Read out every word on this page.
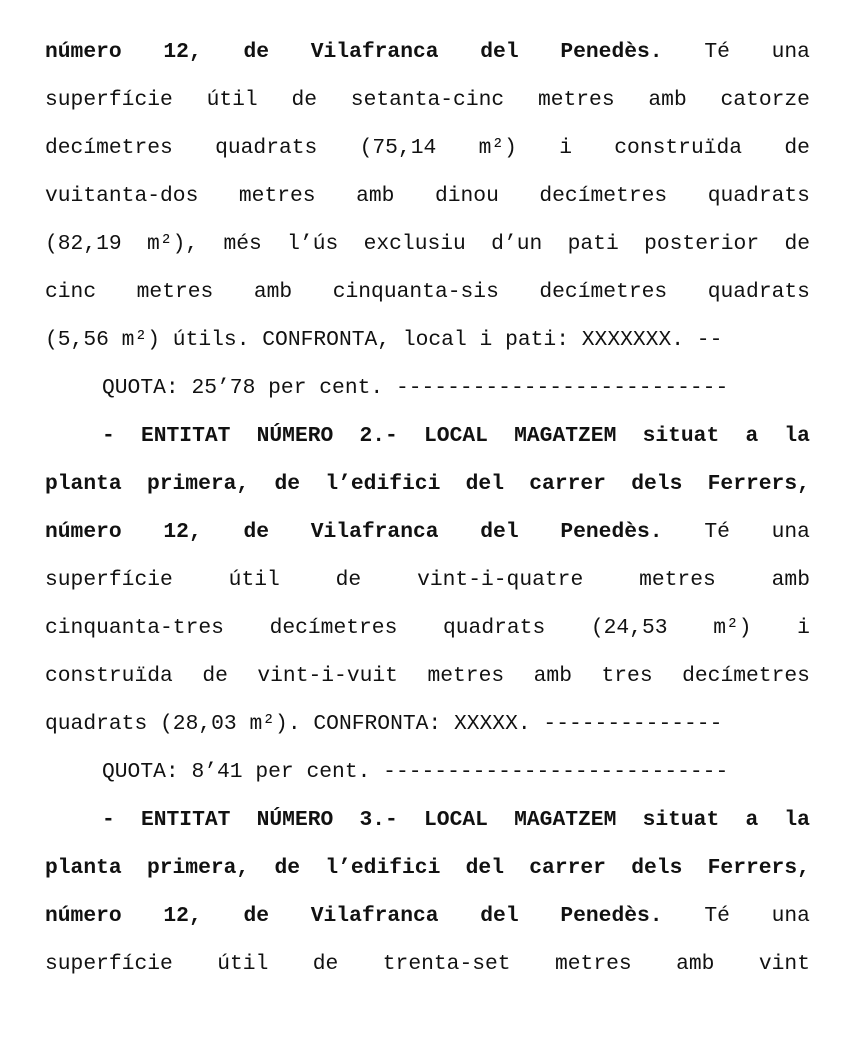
número 12, de Vilafranca del Penedès. Té una
superfície útil de setanta-cinc metres amb catorze
decímetres quadrats (75,14 m²) i construïda de
vuitanta-dos metres amb dinou decímetres quadrats
(82,19 m²), més l’ús exclusiu d’un pati posterior de
cinc metres amb cinquanta-sis decímetres quadrats
(5,56 m²) útils. CONFRONTA, local i pati: XXXXXXX. --
QUOTA: 25’78 per cent. --------------------------
- ENTITAT NÚMERO 2.- LOCAL MAGATZEM situat a la
planta primera, de l’edifici del carrer dels Ferrers,
número 12, de Vilafranca del Penedès. Té una
superfície	útil	de	vint-i-quatre	metres	amb
cinquanta-tres decímetres quadrats (24,53 m²) i
construïda de vint-i-vuit metres amb tres decímetres
quadrats (28,03 m²). CONFRONTA: XXXXX. --------------
QUOTA: 8’41 per cent. ---------------------------
- ENTITAT NÚMERO 3.- LOCAL MAGATZEM situat a la
planta primera, de l’edifici del carrer dels Ferrers,
número 12, de Vilafranca del Penedès. Té una
superfície útil de trenta-set metres amb vint
